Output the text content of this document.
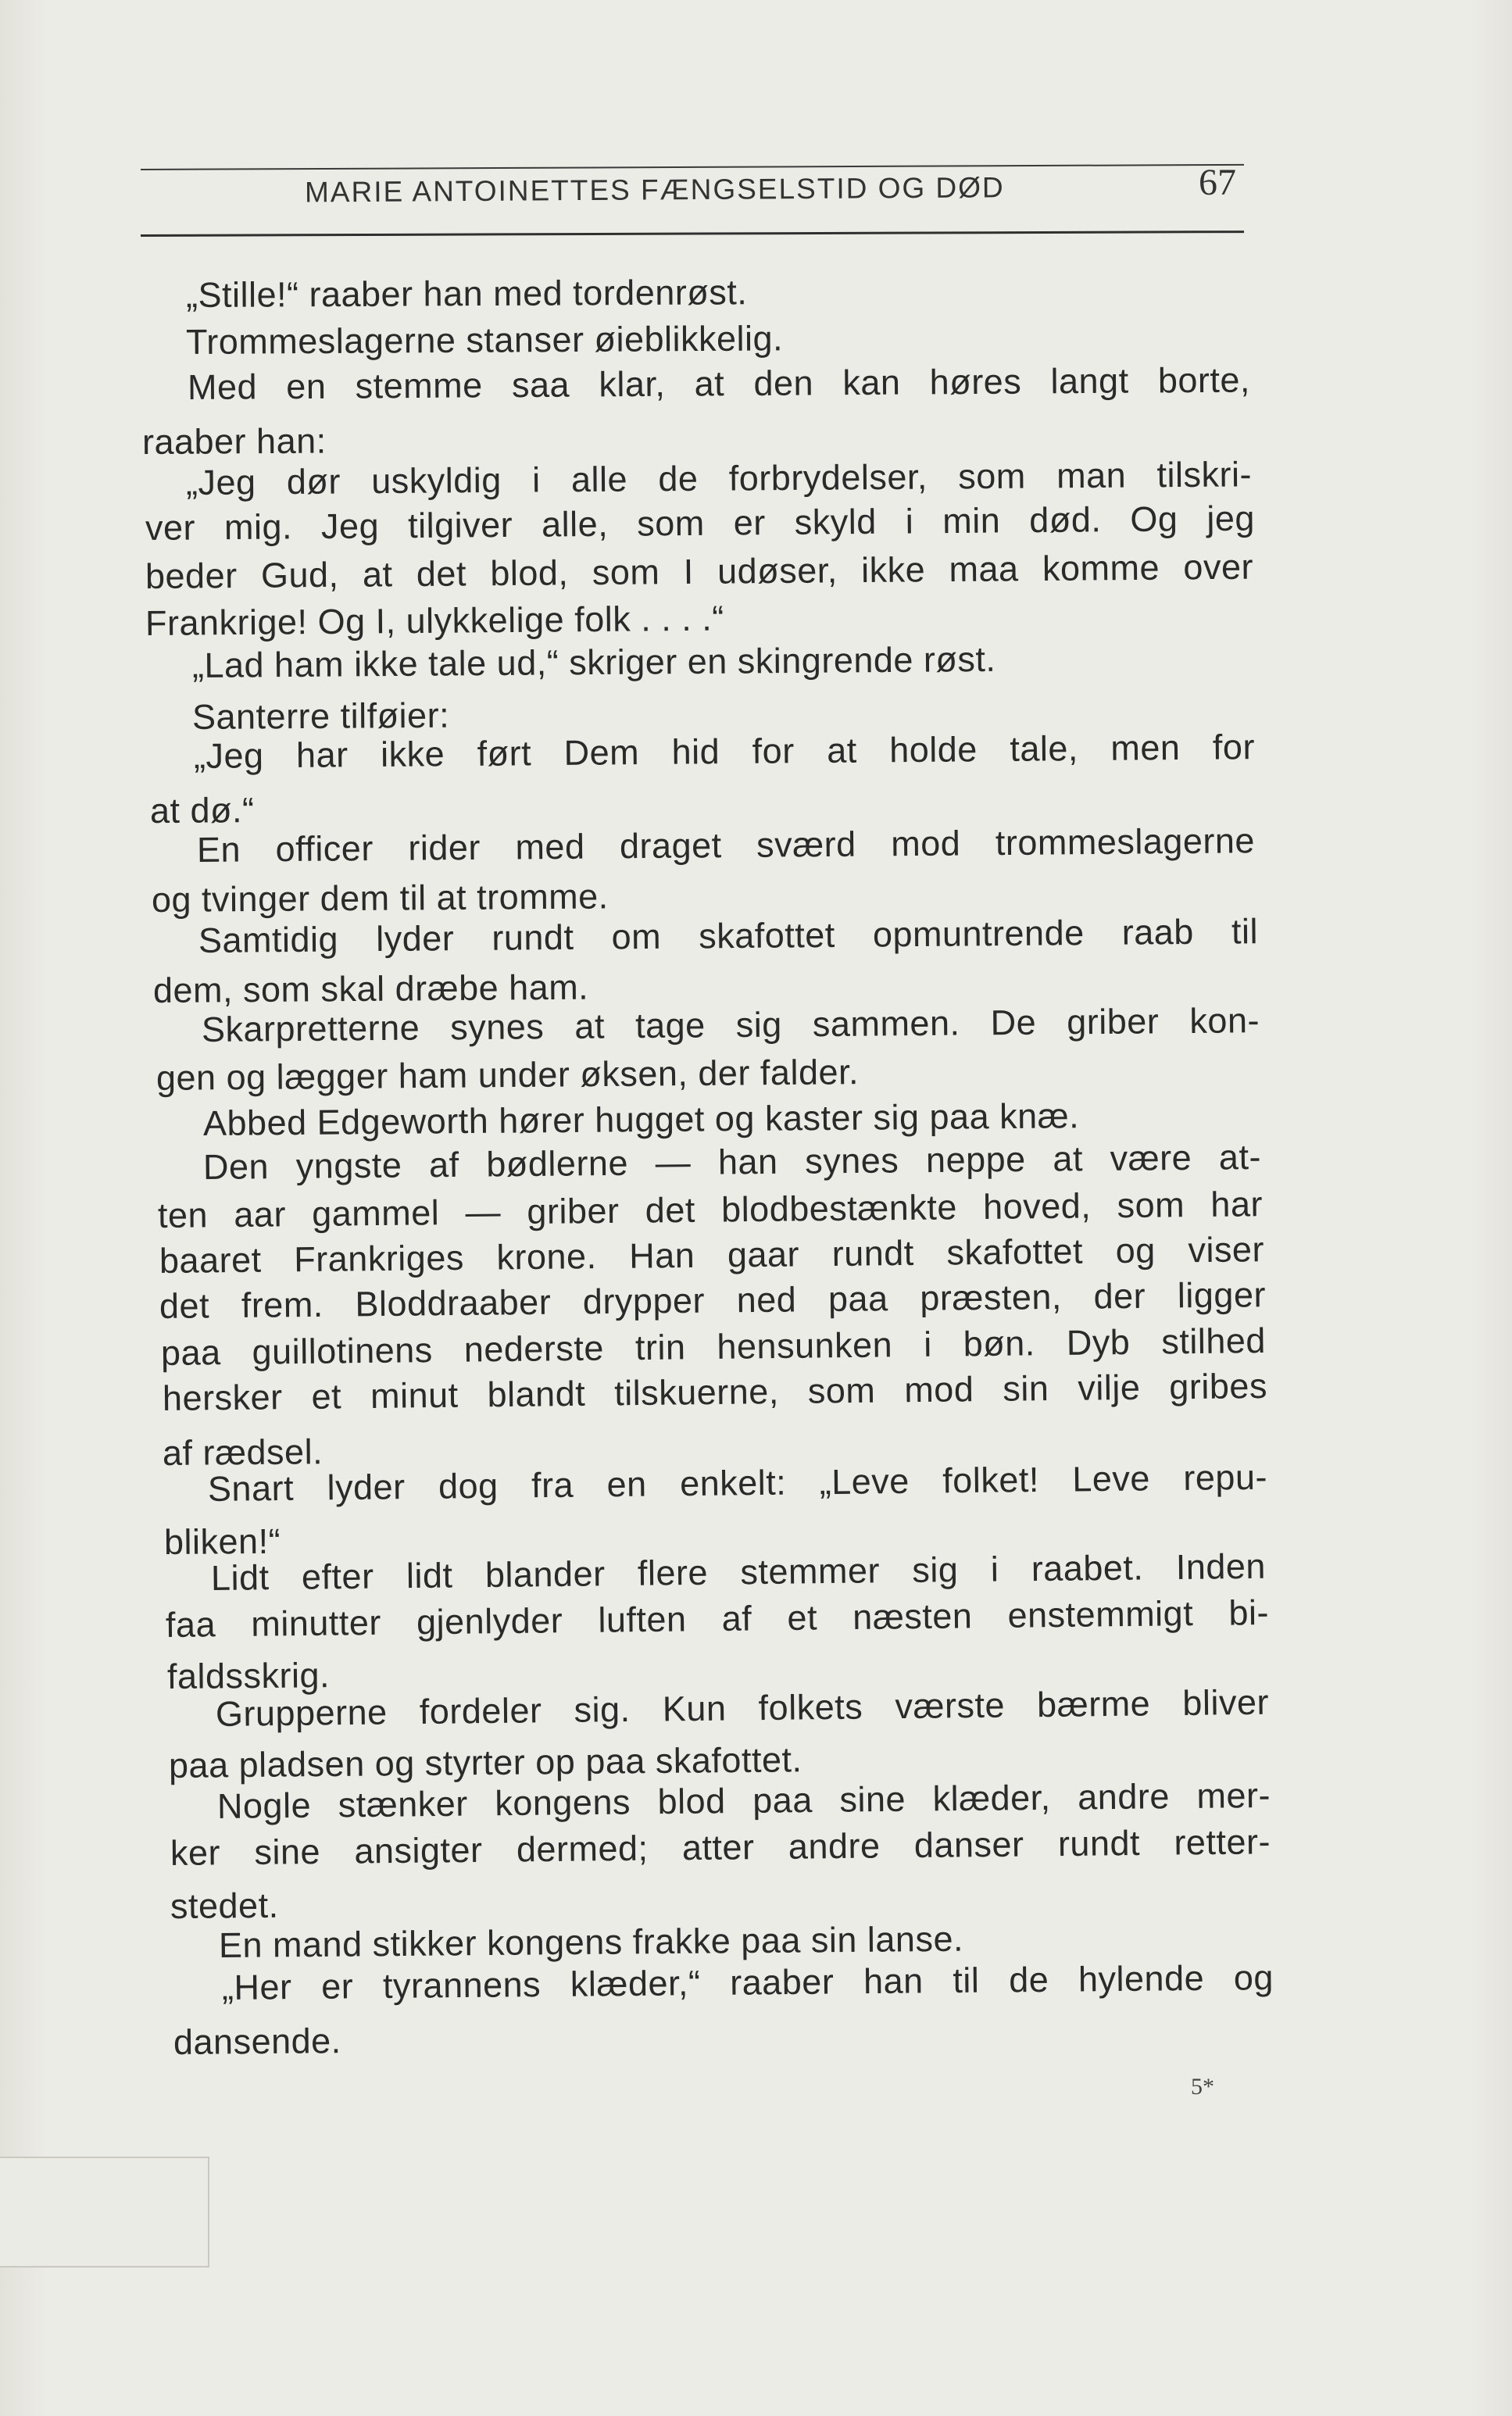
MARIE ANTOINETTES FÆNGSELSTID OG DØD	67
„Stille!“ raaber han med tordenrøst.
Trommeslagerne stanser øieblikkelig.
Med en stemme saa klar, at den kan høres langt borte,
raaber han:
„Jeg dør uskyldig i alle de forbrydelser, som man tilskri-
ver mig. Jeg tilgiver alle, som er skyld i min død. Og jeg
beder Gud, at det blod, som I udøser, ikke maa komme over
Frankrige! Og I, ulykkelige folk . . . .“
„Lad ham ikke tale ud,“ skriger en skingrende røst.
Santerre tilføier:
„Jeg har ikke ført Dem hid for at holde tale, men for
at dø.“
En officer rider med draget sværd mod trommeslagerne
og tvinger dem til at tromme.
Samtidig lyder rundt om skafottet opmuntrende raab til
dem, som skal dræbe ham.
Skarpretterne synes at tage sig sammen. De griber kon-
gen og lægger ham under øksen, der falder.
Abbed Edgeworth hører hugget og kaster sig paa knæ.
Den yngste af bødlerne — han synes neppe at være at-
ten aar gammel — griber det blodbestænkte hoved, som har
baaret Frankriges krone. Han gaar rundt skafottet og viser
det frem. Bloddraaber drypper ned paa præsten, der ligger
paa guillotinens nederste trin hensunken i bøn. Dyb stilhed
hersker et minut blandt tilskuerne, som mod sin vilje gribes
af rædsel.
Snart lyder dog fra en enkelt: „Leve folket! Leve repu-
bliken!“
Lidt efter lidt blander flere stemmer sig i raabet. Inden
faa minutter gjenlyder luften af et næsten enstemmigt bi-
faldsskrig.
Grupperne fordeler sig. Kun folkets værste bærme bliver
paa pladsen og styrter op paa skafottet.
Nogle stænker kongens blod paa sine klæder, andre mer-
ker sine ansigter dermed; atter andre danser rundt retter-
stedet.
En mand stikker kongens frakke paa sin lanse.
„Her er tyrannens klæder,“ raaber han til de hylende og
dansende.
5*
